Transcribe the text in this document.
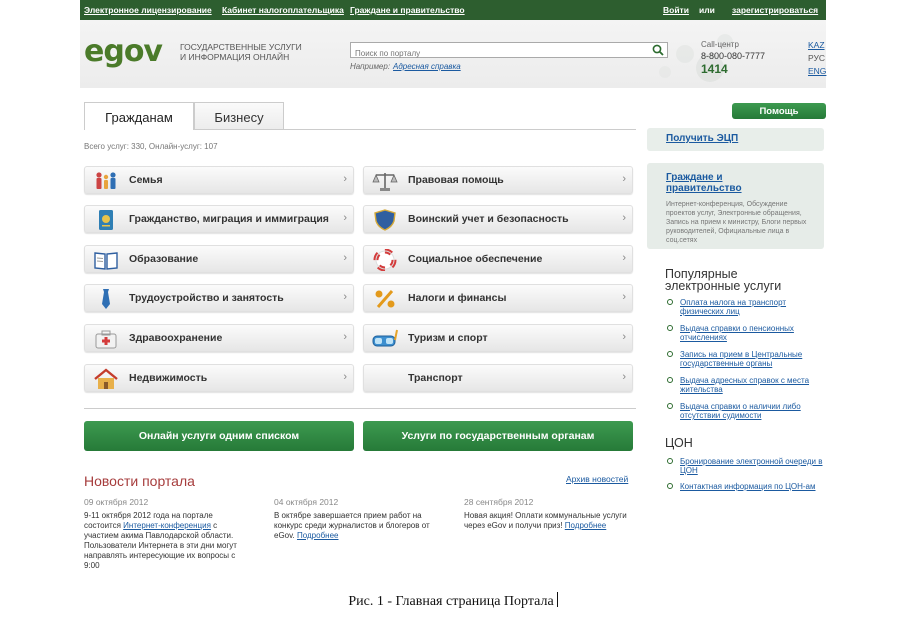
Электронное лицензирование Кабинет налогоплательщика Граждане и правительство	Войти или зарегистрироваться
egov ГОСУДАРСТВЕННЫЕ УСЛУГИ
И ИНФОРМАЦИЯ ОНЛАЙН
Поиск по порталу
Например: Адресная справка
Call-центр
8-800-080-7777
1414
KAZ
РУС
ENG
Гражданам	Бизнесу
Всего услуг: 330, Онлайн-услуг: 107
Семья	›	Правовая помощь	›
Гражданство, миграция и иммиграция ›	Воинский учет и безопасность	›
Образование	›	Социальное обеспечение	›
Трудоустройство и занятость	›	Налоги и финансы	›
Здравоохранение	›	Туризм и спорт	›
Недвижимость	›	Транспорт	›
Онлайн услуги одним списком	Услуги по государственным органам
Новости портала	Архив новостей
09 октября 2012
9-11 октября 2012 года на портале состоится Интернет-конференция с участием акима Павлодарской области. Пользователи Интернета в эти дни могут направлять интересующие их вопросы с 9:00
04 октября 2012
В октябре завершается прием работ на конкурс среди журналистов и блогеров от eGov. Подробнее
28 сентября 2012
Новая акция! Оплати коммунальные услуги через eGov и получи приз! Подробнее
Помощь
Получить ЭЦП
Граждане и правительство
Интернет-конференция, Обсуждение проектов услуг, Электронные обращения, Запись на прием к министру, Блоги первых руководителей, Официальные лица в соц.сетях
Популярные электронные услуги
Оплата налога на транспорт физических лиц
Выдача справки о пенсионных отчислениях
Запись на прием в Центральные государственные органы
Выдача адресных справок с места жительства
Выдача справки о наличии либо отсутствии судимости
ЦОН
Бронирование электронной очереди в ЦОН
Контактная информация по ЦОН-ам
Рис. 1 - Главная страница Портала
